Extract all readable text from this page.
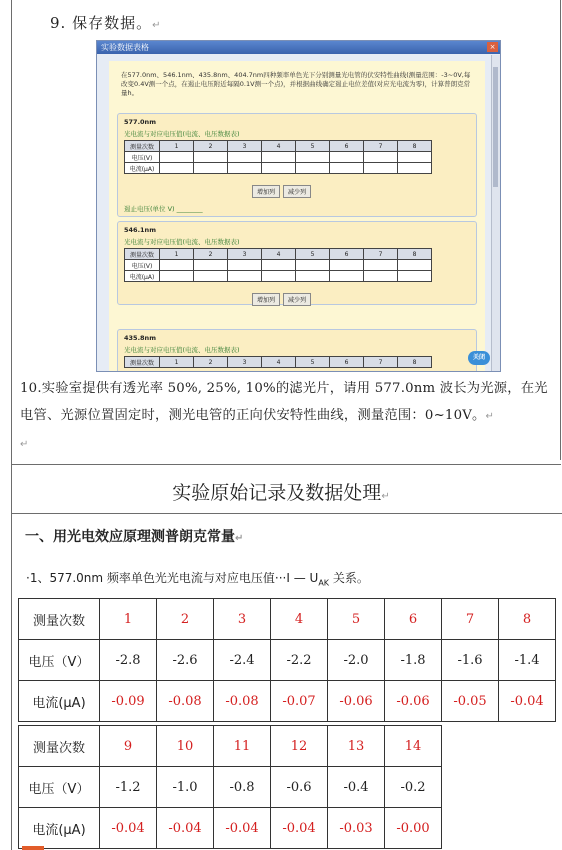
9. 保存数据。↵
实验数据表格	×
在577.0nm、546.1nm、435.8nm、404.7nm四种频率单色光下分别测量光电管的伏安特性曲线(测量范围：-3~0V,每改变0.4V测一个点，在遏止电压附近每隔0.1V测一个点)，并根据曲线确定遏止电位差值(对应光电流为零)，计算普朗克常量h。
577.0nm
光电流与对应电压值(电流、电压数据表)
测量次数	1	2	3	4	5	6	7	8
电压(V)								
电流(μA)								
增加列 减少列
遏止电压(单位 V) ________
546.1nm
光电流与对应电压值(电流、电压数据表)
测量次数	1	2	3	4	5	6	7	8
电压(V)								
电流(μA)								
增加列 减少列
435.8nm
光电流与对应电压值(电流、电压数据表)
测量次数	1	2	3	4	5	6	7	8
关闭
10.实验室提供有透光率 50%, 25%, 10%的滤光片，请用 577.0nm 波长为光源，在光电管、光源位置固定时，测光电管的正向伏安特性曲线，测量范围：0~10V。↵
↵
实验原始记录及数据处理↵
一、用光电效应原理测普朗克常量↵
·1、577.0nm 频率单色光光电流与对应电压值···I — $U_{AK}$ 关系。
测量次数	1	2	3	4	5	6	7	8
电压（V）	-2.8	-2.6	-2.4	-2.2	-2.0	-1.8	-1.6	-1.4
电流(μA)	-0.09	-0.08	-0.08	-0.07	-0.06	-0.06	-0.05	-0.04
测量次数	9	10	11	12	13	14
电压（V）	-1.2	-1.0	-0.8	-0.6	-0.4	-0.2
电流(μA)	-0.04	-0.04	-0.04	-0.04	-0.03	-0.00
